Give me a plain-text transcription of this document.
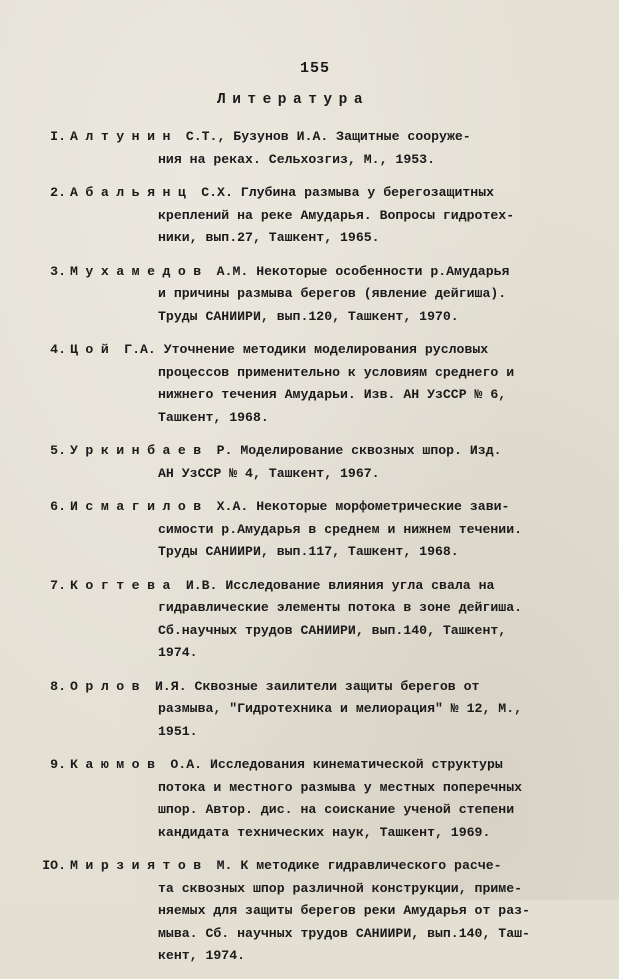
155
Литература
I. Алтунин С.Т., Бузунов И.А. Защитные сооруже-
ния на реках. Сельхозгиз, М., 1953.
2. Абальянц С.Х. Глубина размыва у берегозащитных
креплений на реке Амударья. Вопросы гидротех-
ники, вып.27, Ташкент, 1965.
3. Мухамедов А.М. Некоторые особенности р.Амударья
и причины размыва берегов (явление дейгиша).
Труды САНИИРИ, вып.120, Ташкент, 1970.
4. Цой Г.А. Уточнение методики моделирования русловых
процессов применительно к условиям среднего и
нижнего течения Амударьи. Изв. АН УзССР № 6,
Ташкент, 1968.
5. Уркинбаев Р. Моделирование сквозных шпор. Изд.
АН УзССР № 4, Ташкент, 1967.
6. Исмагилов Х.А. Некоторые морфометрические зави-
симости р.Амударья в среднем и нижнем течении.
Труды САНИИРИ, вып.117, Ташкент, 1968.
7. Когтева И.В. Исследование влияния угла свала на
гидравлические элементы потока в зоне дейгиша.
Сб.научных трудов САНИИРИ, вып.140, Ташкент,
1974.
8. Орлов И.Я. Сквозные заилители защиты берегов от
размыва, "Гидротехника и мелиорация" № 12, М.,
1951.
9. Каюмов О.А. Исследования кинематической структуры
потока и местного размыва у местных поперечных
шпор. Автор. дис. на соискание ученой степени
кандидата технических наук, Ташкент, 1969.
IO. Мирзиятов М. К методике гидравлического расче-
та сквозных шпор различной конструкции, приме-
няемых для защиты берегов реки Амударья от раз-
мыва. Сб. научных трудов САНИИРИ, вып.140, Таш-
кент, 1974.
